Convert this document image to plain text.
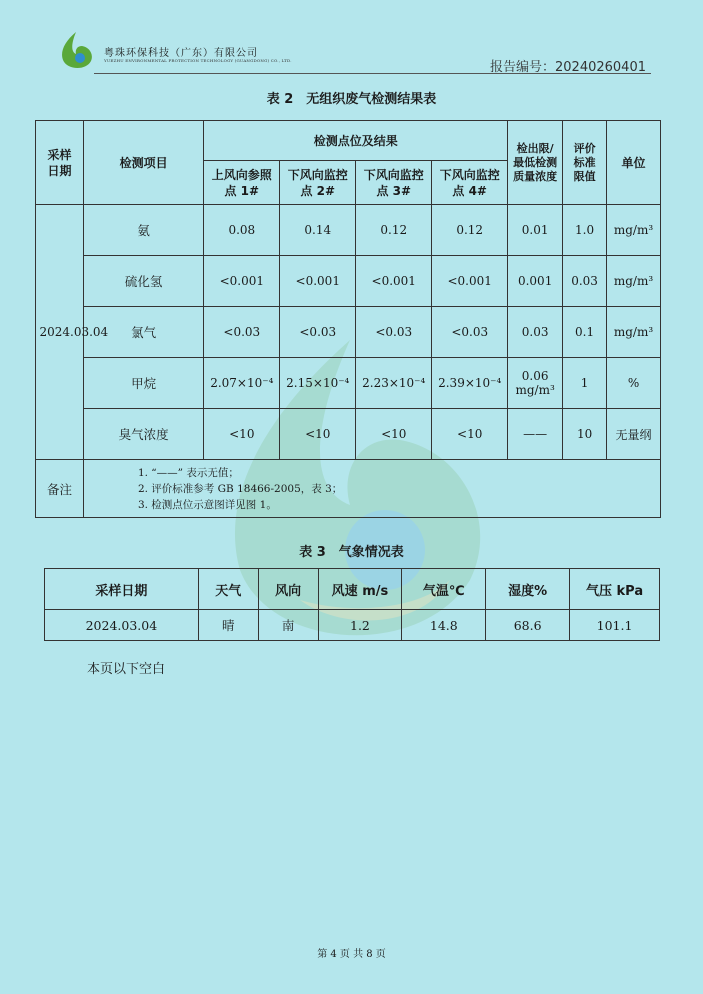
粤珠环保科技（广东）有限公司
YUEZHU ENVIRONMENTAL PROTECTION TECHNOLOGY (GUANGDONG) CO., LTD.	报告编号：20240260401
表 2　无组织废气检测结果表
采样日期	检测项目	检测点位及结果				检出限/最低检测质量浓度	评价标准限值	单位
		上风向参照点 1#	下风向监控点 2#	下风向监控点 3#	下风向监控点 4#			
2024.03.04	氨	0.08	0.14	0.12	0.12	0.01	1.0	mg/m³
	硫化氢	<0.001	<0.001	<0.001	<0.001	0.001	0.03	mg/m³
	氯气	<0.03	<0.03	<0.03	<0.03	0.03	0.1	mg/m³
	甲烷	2.07×10⁻⁴	2.15×10⁻⁴	2.23×10⁻⁴	2.39×10⁻⁴	0.06 mg/m³	1	%
	臭气浓度	<10	<10	<10	<10	——	10	无量纲
备注	1. “——” 表示无值；
2. 评价标准参考 GB 18466-2005，表 3；
3. 检测点位示意图详见图 1。							
表 3　气象情况表
采样日期	天气	风向	风速 m/s	气温℃	湿度%	气压 kPa
2024.03.04	晴	南	1.2	14.8	68.6	101.1
本页以下空白
第 4 页 共 8 页
